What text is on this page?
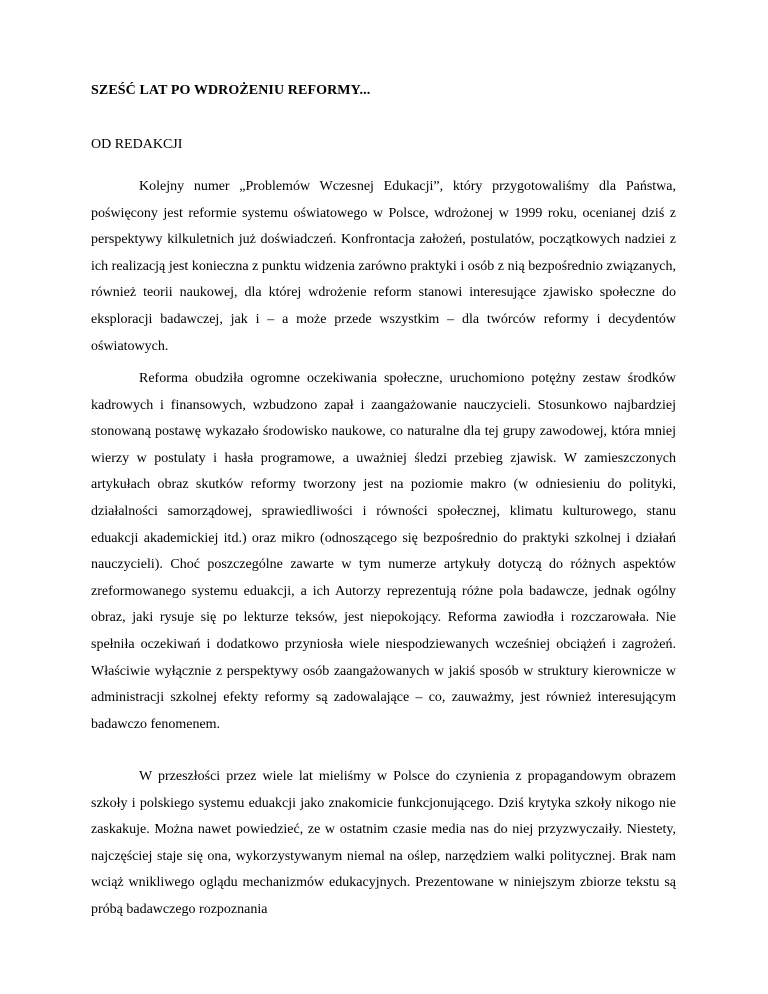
SZEŚĆ LAT PO WDROŻENIU REFORMY...
OD REDAKCJI

Kolejny numer „Problemów Wczesnej Edukacji”, który przygotowaliśmy dla Państwa, poświęcony jest reformie systemu oświatowego w Polsce, wdrożonej w 1999 roku, ocenianej dziś z perspektywy kilkuletnich już doświadczeń. Konfrontacja założeń, postulatów, początkowych nadziei z ich realizacją jest konieczna z punktu widzenia zarówno praktyki i osób z nią bezpośrednio związanych, również teorii naukowej, dla której wdrożenie reform stanowi interesujące zjawisko społeczne do eksploracji badawczej, jak i – a może przede wszystkim – dla twórców reformy i decydentów oświatowych.

Reforma obudziła ogromne oczekiwania społeczne, uruchomiono potężny zestaw środków kadrowych i finansowych, wzbudzono zapał i zaangażowanie nauczycieli. Stosunkowo najbardziej stonowaną postawę wykazało środowisko naukowe, co naturalne dla tej grupy zawodowej, która mniej wierzy w postulaty i hasła programowe, a uważniej śledzi przebieg zjawisk. W zamieszczonych artykułach obraz skutków reformy tworzony jest na poziomie makro (w odniesieniu do polityki, działalności samorządowej, sprawiedliwości i równości społecznej, klimatu kulturowego, stanu eduakcji akademickiej itd.) oraz mikro (odnoszącego się bezpośrednio do praktyki szkolnej i działań nauczycieli). Choć poszczególne zawarte w tym numerze artykuły dotyczą do różnych aspektów zreformowanego systemu eduakcji, a ich Autorzy reprezentują różne pola badawcze, jednak ogólny obraz, jaki rysuje się po lekturze teksów, jest niepokojący. Reforma zawiodła i rozczarowała. Nie spełniła oczekiwań i dodatkowo przyniosła wiele niespodziewanych wcześniej obciążeń i zagrożeń. Właściwie wyłącznie z perspektywy osób zaangażowanych w jakiś sposób w struktury kierownicze w administracji szkolnej efekty reformy są zadowalające – co, zauważmy, jest również interesującym badawczo fenomenem.

W przeszłości przez wiele lat mieliśmy w Polsce do czynienia z propagandowym obrazem szkoły i polskiego systemu eduakcji jako znakomicie funkcjonującego. Dziś krytyka szkoły nikogo nie zaskakuje. Można nawet powiedzieć, ze w ostatnim czasie media nas do niej przyzwyczaiły. Niestety, najczęściej staje się ona, wykorzystywanym niemal na oślep, narzędziem walki politycznej. Brak nam wciąż wnikliwego oglądu mechanizmów edukacyjnych. Prezentowane w niniejszym zbiorze tekstu są próbą badawczego rozpoznania
